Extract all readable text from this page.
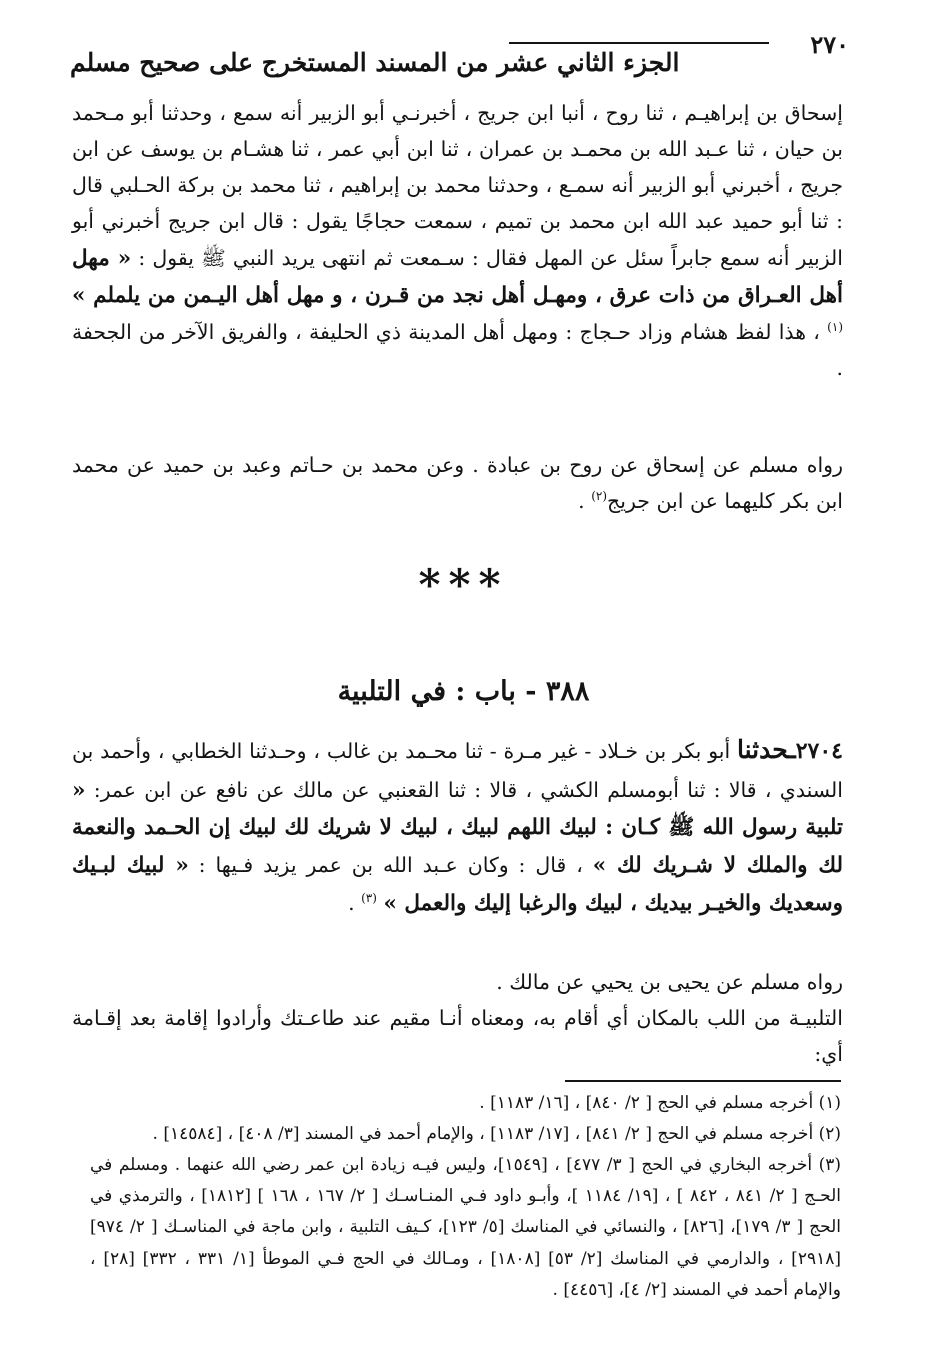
٢٧٠
الجزء الثاني عشر من المسند المستخرج على صحيح مسلم
إسحاق بن إبراهيـم ، ثنا روح ، أنبا ابن جريج ، أخبرنـي أبو الزبير أنه سمع ، وحدثنا أبو مـحمد بن حيان ، ثنا عـبد الله بن محمـد بن عمران ، ثنا ابن أبي عمر ، ثنا هشـام بن يوسف عن ابن جريج ، أخبرني أبو الزبير أنه سمـع ، وحدثنا محمد بن إبراهيم ، ثنا محمد بن بركة الحـلبي قال : ثنا أبو حميد عبد الله ابن محمد بن تميم ، سمعت حجاجًا يقول : قال ابن جريج أخبرني أبو الزبير أنه سمع جابراً سئل عن المهل فقال : سـمعت ثم انتهى يريد النبي ﷺ يقول : « مهل أهل العـراق من ذات عرق ، ومهـل أهل نجد من قـرن ، و مهل أهل اليـمن من يلملم » $^{(١)}$ ، هذا لفظ هشام وزاد حـجاج : ومهل أهل المدينة ذي الحليفة ، والفريق الآخر من الجحفة .
رواه مسلم عن إسحاق عن روح بن عبادة . وعن محمد بن حـاتم وعبد بن حميد عن محمد ابن بكر كليهما عن ابن جريج$^{(٢)}$ .
***
٣٨٨ - باب : في التلبية
٢٧٠٤ـحدثنا أبو بكر بن خـلاد - غير مـرة - ثنا محـمد بن غالب ، وحـدثنا الخطابي ، وأحمد بن السندي ، قالا : ثنا أبومسلم الكشي ، قالا : ثنا القعنبي عن مالك عن نافع عن ابن عمر: « تلبية رسول الله ﷺ كـان : لبيك اللهم لبيك ، لبيك لا شريك لك لبيك إن الحـمد والنعمة لك والملك لا شـريك لك » ، قال : وكان عـبد الله بن عمر يزيد فـيها : « لبيك لبـيك وسعديك والخيـر بيديك ، لبيك والرغبا إليك والعمل » $^{(٣)}$ .
رواه مسلم عن يحيى بن يحيي عن مالك .
التلبيـة من اللب بالمكان أي أقام به، ومعناه أنـا مقيم عند طاعـتك وأرادوا إقامة بعد إقـامة أي:

(١) أخرجه مسلم في الحج [ ٢/ ٨٤٠] ، [١٦/ ١١٨٣] .

(٢) أخرجه مسلم في الحج [ ٢/ ٨٤١] ، [١٧/ ١١٨٣] ، والإمام أحمد في المسند [٣/ ٤٠٨] ، [١٤٥٨٤] .

(٣) أخرجه البخاري في الحج [ ٣/ ٤٧٧] ، [١٥٤٩]، وليس فيـه زيادة ابن عمر رضي الله عنهما . ومسلم في الحـج [ ٢/ ٨٤١ ، ٨٤٢ ] ، [١٩/ ١١٨٤ ]، وأبـو داود فـي المنـاسـك [ ٢/ ١٦٧ ، ١٦٨ ] [١٨١٢] ، والترمذي في الحج [ ٣/ ١٧٩]، [٨٢٦] ، والنسائي في المناسك [٥/ ١٢٣]، كـيف التلبية ، وابن ماجة في المناسـك [ ٢/ ٩٧٤] [٢٩١٨] ، والدارمي في المناسك [٢/ ٥٣] [١٨٠٨] ، ومـالك في الحج فـي الموطأ [١/ ٣٣١ ، ٣٣٢] [٢٨] ، والإمام أحمد في المسند [٢/ ٤]، [٤٤٥٦] .
